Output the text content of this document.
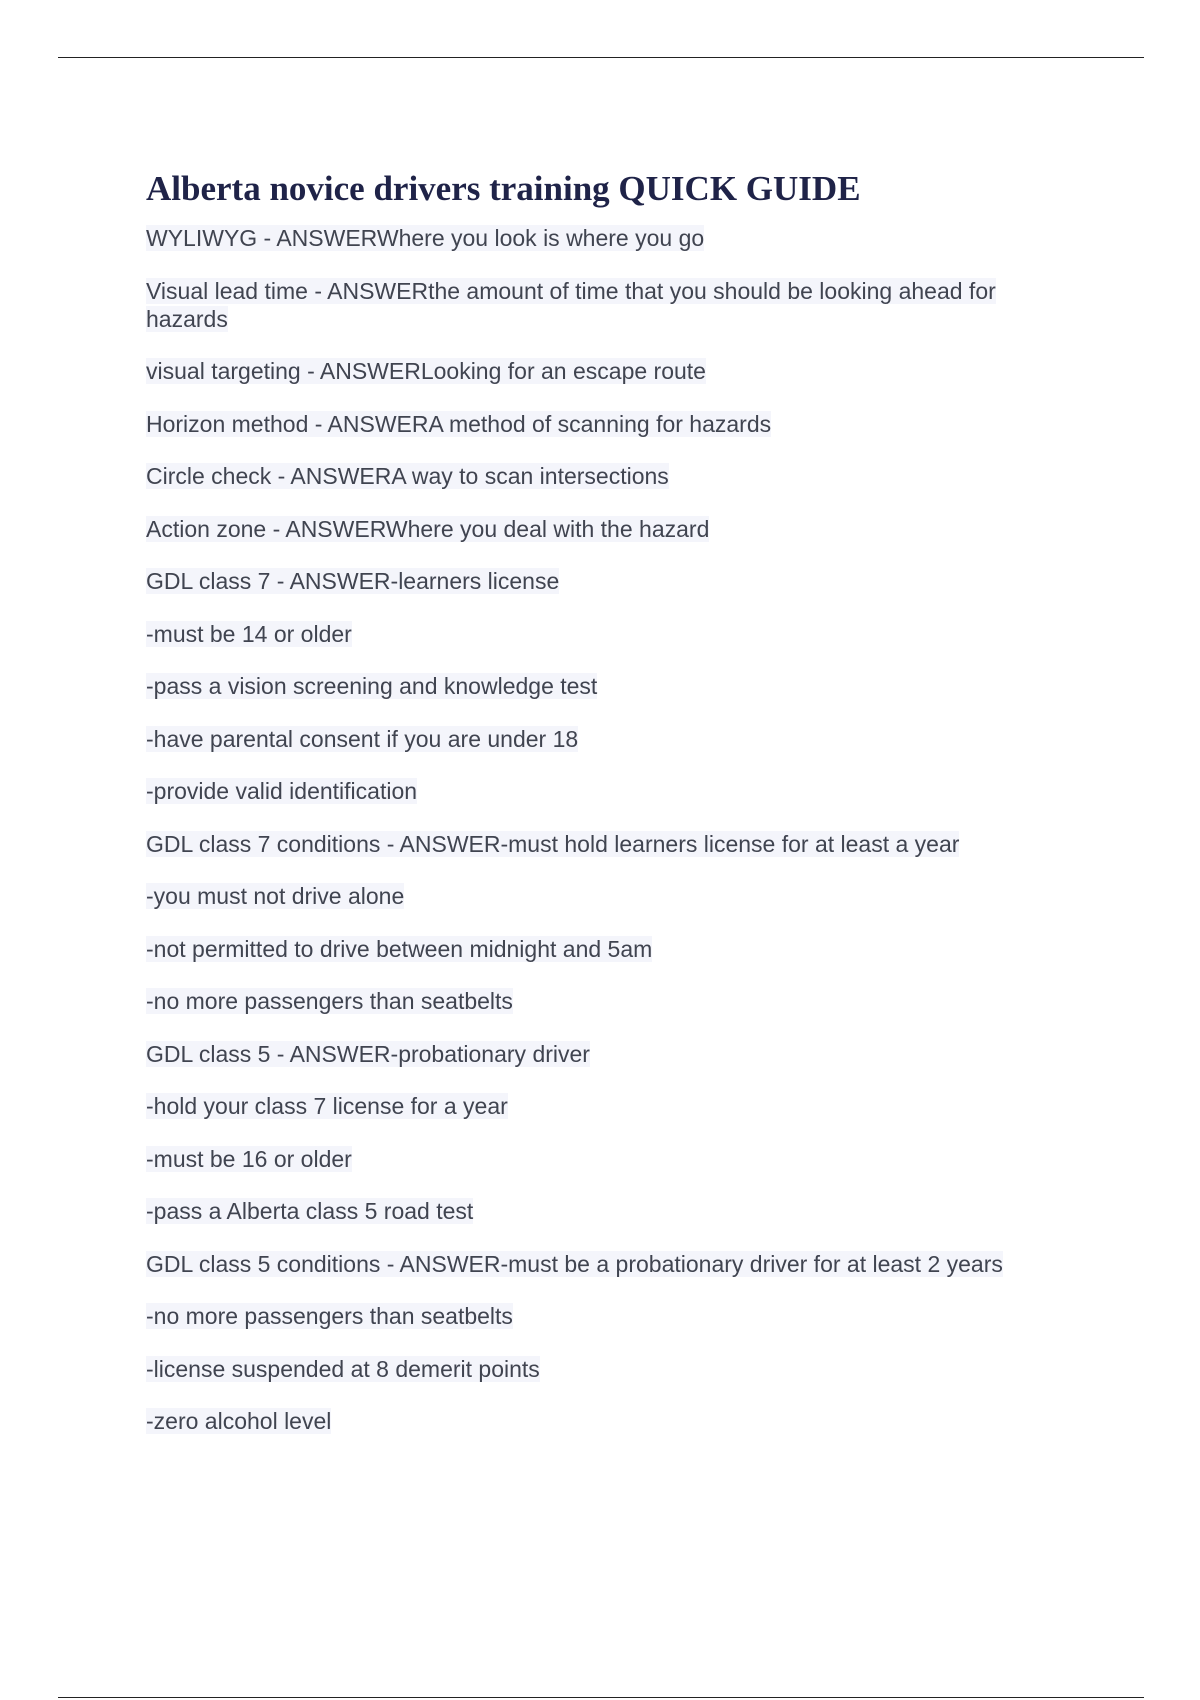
Alberta novice drivers training QUICK GUIDE
WYLIWYG - ANSWERWhere you look is where you go
Visual lead time - ANSWERthe amount of time that you should be looking ahead for hazards
visual targeting - ANSWERLooking for an escape route
Horizon method - ANSWERA method of scanning for hazards
Circle check - ANSWERA way to scan intersections
Action zone - ANSWERWhere you deal with the hazard
GDL class 7 - ANSWER-learners license
-must be 14 or older
-pass a vision screening and knowledge test
-have parental consent if you are under 18
-provide valid identification
GDL class 7 conditions - ANSWER-must hold learners license for at least a year
-you must not drive alone
-not permitted to drive between midnight and 5am
-no more passengers than seatbelts
GDL class 5 - ANSWER-probationary driver
-hold your class 7 license for a year
-must be 16 or older
-pass a Alberta class 5 road test
GDL class 5 conditions - ANSWER-must be a probationary driver for at least 2 years
-no more passengers than seatbelts
-license suspended at 8 demerit points
-zero alcohol level
